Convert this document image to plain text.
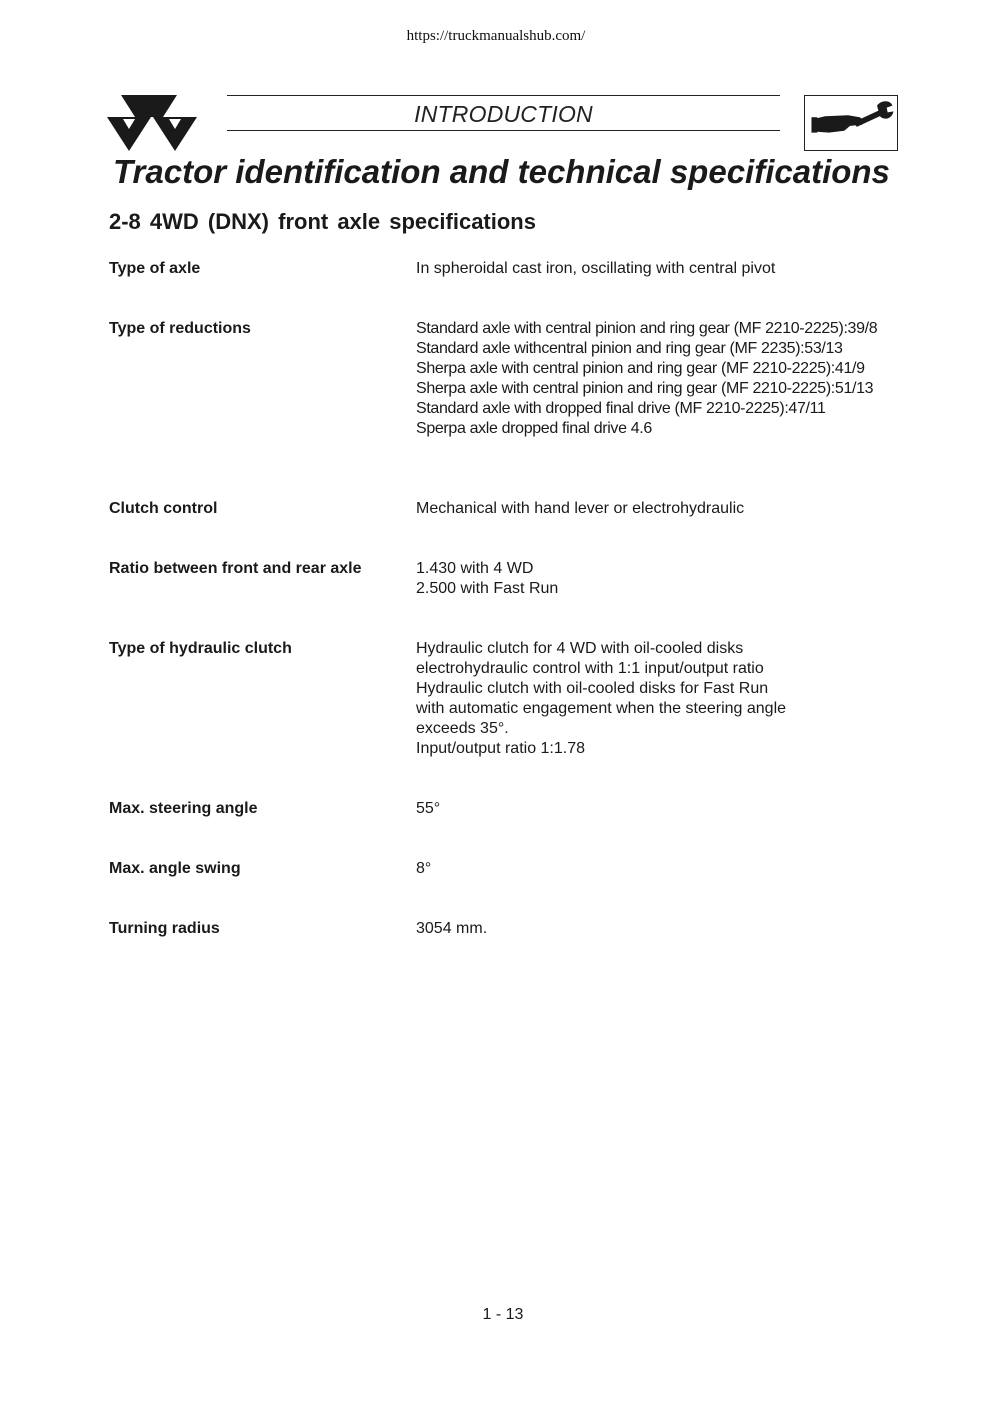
https://truckmanualshub.com/
INTRODUCTION
Tractor identification and technical specifications
2-8 4WD (DNX) front axle specifications
Type of axle	In spheroidal cast iron, oscillating with central pivot
Type of reductions	Standard axle with central pinion and ring gear (MF 2210-2225):39/8
Standard axle withcentral pinion and ring gear (MF 2235):53/13
Sherpa axle with central pinion and ring gear (MF 2210-2225):41/9
Sherpa axle with central pinion and ring gear (MF 2210-2225):51/13
Standard axle with dropped final drive (MF 2210-2225):47/11
Sperpa axle dropped final drive 4.6
Clutch control	Mechanical with hand lever or electrohydraulic
Ratio between front and rear axle	1.430 with 4 WD
2.500 with Fast Run
Type of hydraulic clutch	Hydraulic clutch for 4 WD with oil-cooled disks
electrohydraulic control with 1:1 input/output ratio
Hydraulic clutch with oil-cooled disks for Fast Run
with automatic engagement when the steering angle
exceeds 35°.
Input/output ratio 1:1.78
Max. steering angle	55°
Max. angle swing	8°
Turning radius	3054 mm.
1 - 13
